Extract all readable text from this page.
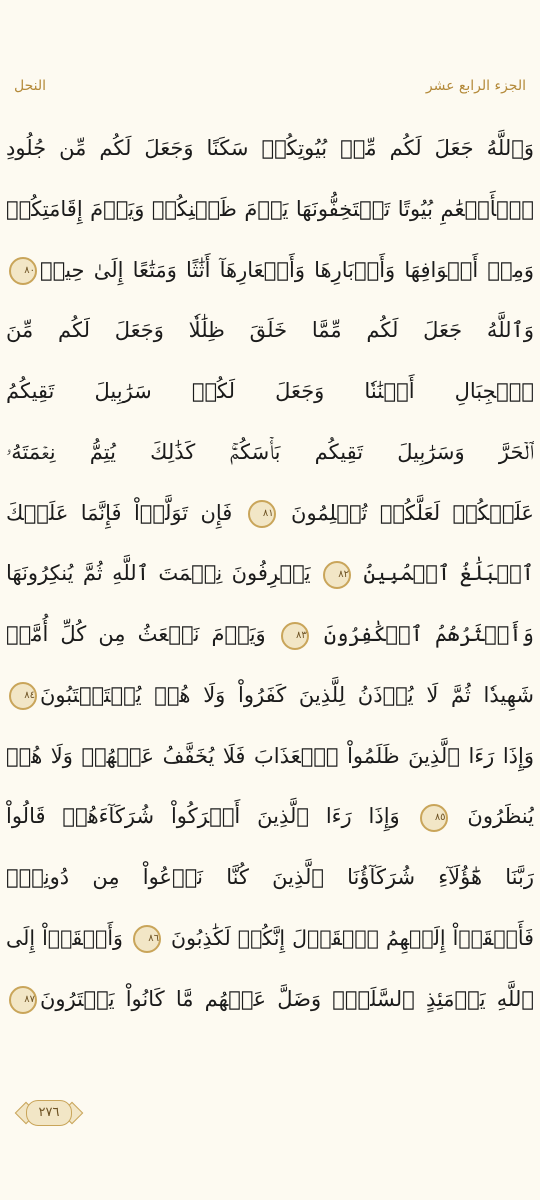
الجزء الرابع عشر
النحل
وَٱللَّهُ جَعَلَ لَكُم مِّنۢ بُيُوتِكُمۡ سَكَنًا وَجَعَلَ لَكُم مِّن جُلُودِ
ٱلۡأَنۡعَٰمِ بُيُوتًا تَسۡتَخِفُّونَهَا يَوۡمَ ظَعۡنِكُمۡ وَيَوۡمَ إِقَامَتِكُمۡ
وَمِنۡ أَصۡوَافِهَا وَأَوۡبَارِهَا وَأَشۡعَارِهَآ أَثَٰثًا وَمَتَٰعًا إِلَىٰ حِينٖ٨٠
وَٱللَّهُ جَعَلَ لَكُم مِّمَّا خَلَقَ ظِلَٰلٗا وَجَعَلَ لَكُم مِّنَ
ٱلۡجِبَالِ أَكۡنَٰنٗا وَجَعَلَ لَكُمۡ سَرَٰبِيلَ تَقِيكُمُ
ٱلۡحَرَّ وَسَرَٰبِيلَ تَقِيكُم بَأۡسَكُمۡۚ كَذَٰلِكَ يُتِمُّ نِعۡمَتَهُۥ
عَلَيۡكُمۡ لَعَلَّكُمۡ تُسۡلِمُونَ ٨١ فَإِن تَوَلَّوۡاْ فَإِنَّمَا عَلَيۡكَ
ٱلۡبَلَٰغُ ٱلۡمُبِينُ ٨٢ يَعۡرِفُونَ نِعۡمَتَ ٱللَّهِ ثُمَّ يُنكِرُونَهَا
وَأَكۡثَرُهُمُ ٱلۡكَٰفِرُونَ ٨٣ وَيَوۡمَ نَبۡعَثُ مِن كُلِّ أُمَّةٖ
شَهِيدٗا ثُمَّ لَا يُؤۡذَنُ لِلَّذِينَ كَفَرُواْ وَلَا هُمۡ يُسۡتَعۡتَبُونَ٨٤
وَإِذَا رَءَا ٱلَّذِينَ ظَلَمُواْ ٱلۡعَذَابَ فَلَا يُخَفَّفُ عَنۡهُمۡ وَلَا هُمۡ
يُنظَرُونَ ٨٥ وَإِذَا رَءَا ٱلَّذِينَ أَشۡرَكُواْ شُرَكَآءَهُمۡ قَالُواْ
رَبَّنَا هَٰٓؤُلَآءِ شُرَكَآؤُنَا ٱلَّذِينَ كُنَّا نَدۡعُواْ مِن دُونِكَۖ
فَأَلۡقَوۡاْ إِلَيۡهِمُ ٱلۡقَوۡلَ إِنَّكُمۡ لَكَٰذِبُونَ ٨٦ وَأَلۡقَوۡاْ إِلَى
ٱللَّهِ يَوۡمَئِذٍ ٱلسَّلَمَۖ وَضَلَّ عَنۡهُم مَّا كَانُواْ يَفۡتَرُونَ٨٧
٢٧٦
